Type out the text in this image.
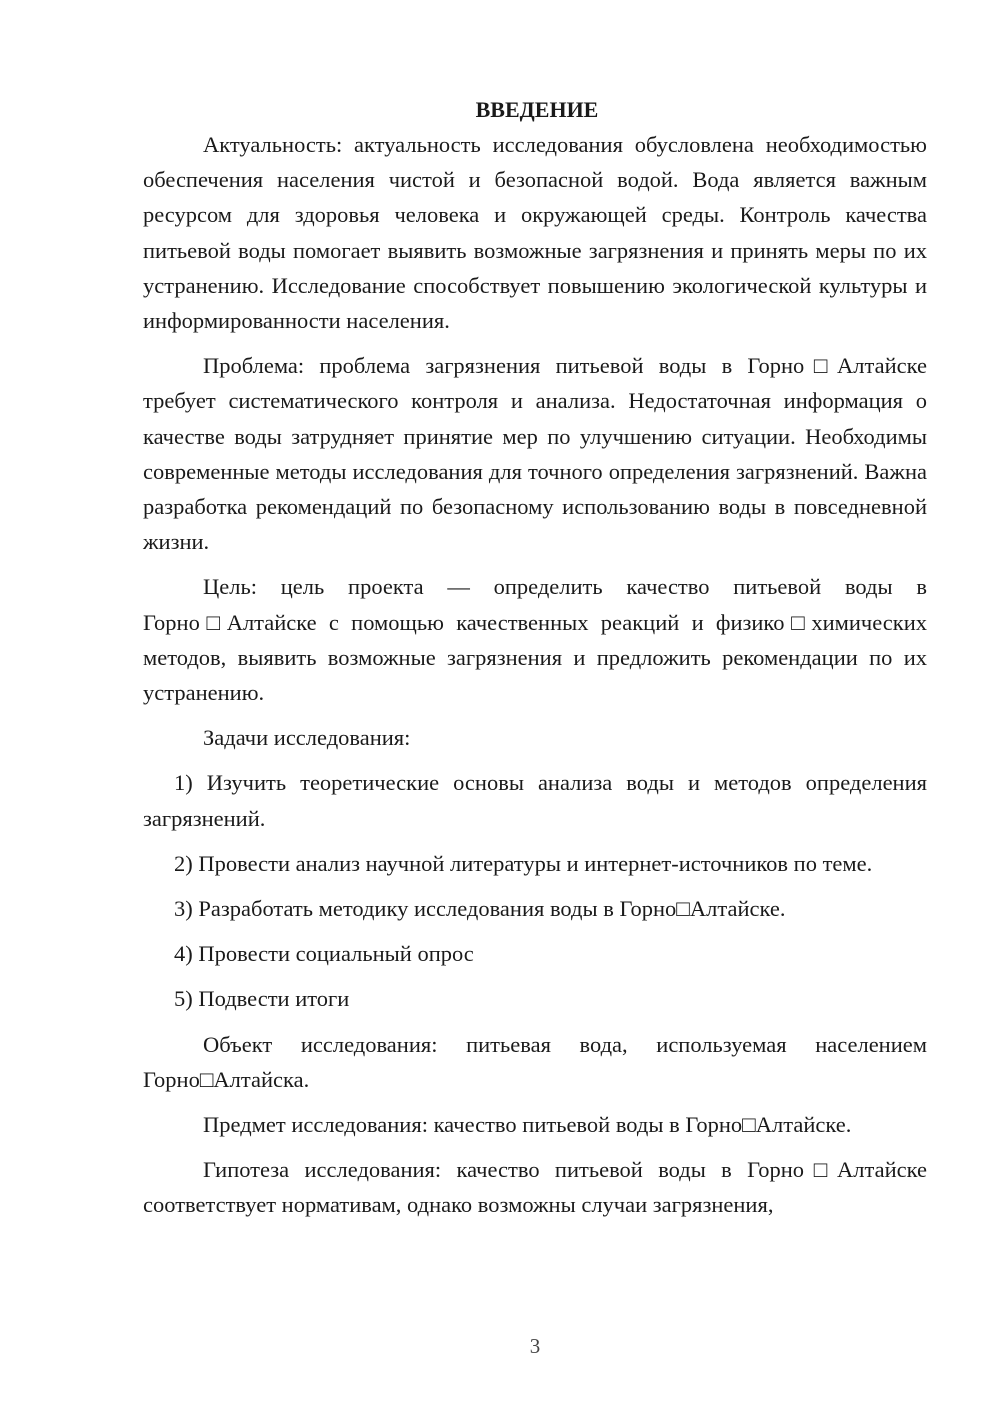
ВВЕДЕНИЕ

Актуальность: актуальность исследования обусловлена необходимостью обеспечения населения чистой и безопасной водой. Вода является важным ресурсом для здоровья человека и окружающей среды. Контроль качества питьевой воды помогает выявить возможные загрязнения и принять меры по их устранению. Исследование способствует повышению экологической культуры и информированности населения.

Проблема: проблема загрязнения питьевой воды в Горно□Алтайске требует систематического контроля и анализа. Недостаточная информация о качестве воды затрудняет принятие мер по улучшению ситуации. Необходимы современные методы исследования для точного определения загрязнений. Важна разработка рекомендаций по безопасному использованию воды в повседневной жизни.

Цель: цель проекта — определить качество питьевой воды в Горно□Алтайске с помощью качественных реакций и физико□химических методов, выявить возможные загрязнения и предложить рекомендации по их устранению.

Задачи исследования:

1) Изучить теоретические основы анализа воды и методов определения загрязнений.

2) Провести анализ научной литературы и интернет-источников по теме.

3) Разработать методику исследования воды в Горно□Алтайске.

4) Провести социальный опрос

5) Подвести итоги

Объект исследования: питьевая вода, используемая населением Горно□Алтайска.

Предмет исследования: качество питьевой воды в Горно□Алтайске.

Гипотеза исследования: качество питьевой воды в Горно□Алтайске соответствует нормативам, однако возможны случаи загрязнения,

3
